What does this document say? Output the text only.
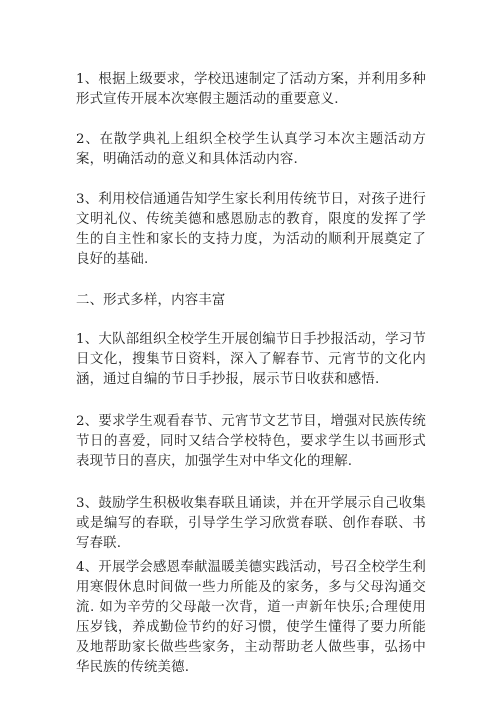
1、根据上级要求，学校迅速制定了活动方案，并利用多种形式宣传开展本次寒假主题活动的重要意义.

2、在散学典礼上组织全校学生认真学习本次主题活动方案，明确活动的意义和具体活动内容.

3、利用校信通通告知学生家长利用传统节日，对孩子进行文明礼仪、传统美德和感恩励志的教育，限度的发挥了学生的自主性和家长的支持力度，为活动的顺利开展奠定了良好的基础.

二、形式多样，内容丰富

1、大队部组织全校学生开展创编节日手抄报活动，学习节日文化，搜集节日资料，深入了解春节、元宵节的文化内涵，通过自编的节日手抄报，展示节日收获和感悟.

2、要求学生观看春节、元宵节文艺节目，增强对民族传统节日的喜爱，同时又结合学校特色，要求学生以书画形式表现节日的喜庆，加强学生对中华文化的理解.

3、鼓励学生积极收集春联且诵读，并在开学展示自己收集或是编写的春联，引导学生学习欣赏春联、创作春联、书写春联.

4、开展学会感恩奉献温暖美德实践活动，号召全校学生利用寒假休息时间做一些力所能及的家务，多与父母沟通交流. 如为辛劳的父母敲一次背，道一声新年快乐;合理使用压岁钱，养成勤俭节约的好习惯，使学生懂得了要力所能及地帮助家长做些些家务，主动帮助老人做些事，弘扬中华民族的传统美德.
